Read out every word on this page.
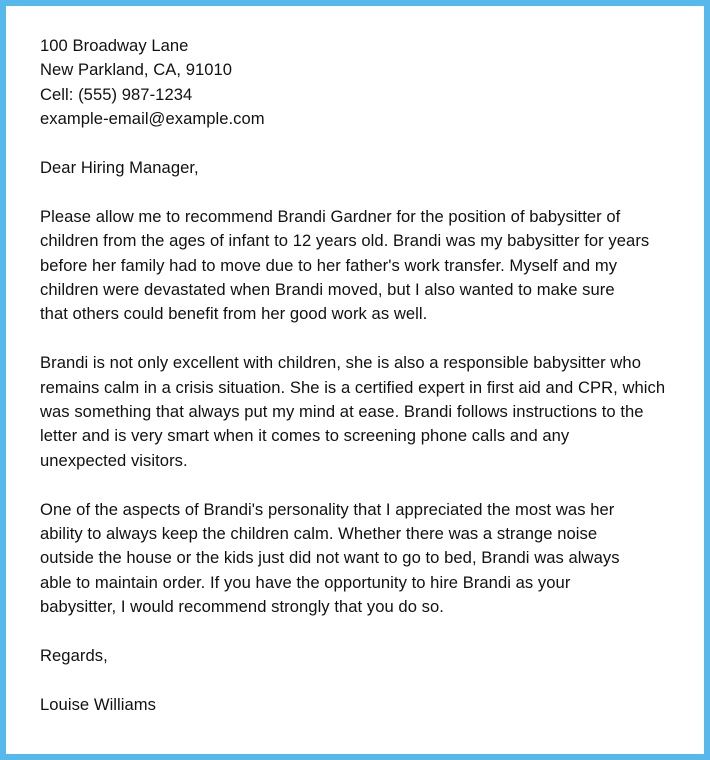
100 Broadway Lane
New Parkland, CA, 91010
Cell: (555) 987-1234
example-email@example.com
Dear Hiring Manager,
Please allow me to recommend Brandi Gardner for the position of babysitter of
children from the ages of infant to 12 years old. Brandi was my babysitter for years
before her family had to move due to her father's work transfer. Myself and my
children were devastated when Brandi moved, but I also wanted to make sure
that others could benefit from her good work as well.
Brandi is not only excellent with children, she is also a responsible babysitter who
remains calm in a crisis situation. She is a certified expert in first aid and CPR, which
was something that always put my mind at ease. Brandi follows instructions to the
letter and is very smart when it comes to screening phone calls and any
unexpected visitors.
One of the aspects of Brandi's personality that I appreciated the most was her
ability to always keep the children calm. Whether there was a strange noise
outside the house or the kids just did not want to go to bed, Brandi was always
able to maintain order. If you have the opportunity to hire Brandi as your
babysitter, I would recommend strongly that you do so.
Regards,
Louise Williams
